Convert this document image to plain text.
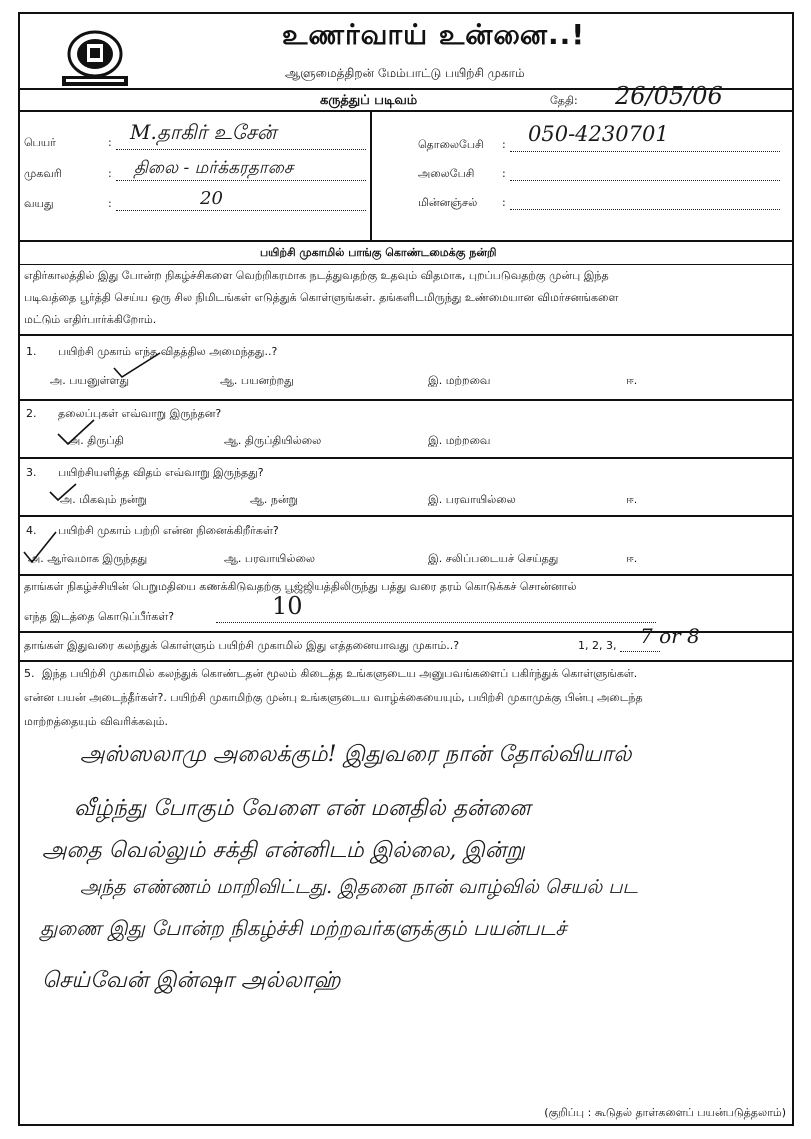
உணர்வாய் உன்னை..!
ஆளுமைத்திறன் மேம்பாட்டு பயிற்சி முகாம்
கருத்துப் படிவம்	தேதி: 26/05/06
பெயர்	: M.தாகிர் உசேன்
முகவரி	: திலை - மர்க்கரதாசை
வயது	:	20
தொலைபேசி : 050-4230701
அலைபேசி	:
மின்னஞ்சல் :
பயிற்சி முகாமில் பாங்கு கொண்டமைக்கு நன்றி
எதிர்காலத்தில் இது போன்ற நிகழ்ச்சிகளை வெற்றிகரமாக நடத்துவதற்கு உதவும் விதமாக, புறப்படுவதற்கு முன்பு இந்த
படிவத்தை பூர்த்தி செய்ய ஒரு சில நிமிடங்கள் எடுத்துக் கொள்ளுங்கள். தங்களிடமிருந்து உண்மையான விமர்சனங்களை
மட்டும் எதிர்பார்க்கிறோம்.
1. பயிற்சி முகாம் எந்த விதத்தில அமைந்தது..?
அ. பயனுள்ளது	ஆ. பயனற்றது	இ. மற்றவை	ஈ.
2. தலைப்புகள் எவ்வாறு இருந்தன?
அ. திருப்தி	ஆ. திருப்தியில்லை	இ. மற்றவை
3. பயிற்சியளித்த விதம் எவ்வாறு இருந்தது?
அ. மிகவும் நன்று	ஆ. நன்று	இ. பரவாயில்லை	ஈ.
4. பயிற்சி முகாம் பற்றி என்ன நினைக்கிறீர்கள்?
அ. ஆர்வமாக இருந்தது	ஆ. பரவாயில்லை	இ. சலிப்படையச் செய்தது	ஈ.
தாங்கள் நிகழ்ச்சியின் பெறுமதியை கணக்கிடுவதற்கு பூஜ்ஜியத்திலிருந்து பத்து வரை தரம் கொடுக்கச் சொன்னால்
எந்த இடத்தை கொடுப்பீர்கள்?	10
தாங்கள் இதுவரை கலந்துக் கொள்ளும் பயிற்சி முகாமில் இது எத்தனையாவது முகாம்..?	1, 2, 3, 7 or 8
5. இந்த பயிற்சி முகாமில் கலந்துக் கொண்டதன் மூலம் கிடைத்த உங்களுடைய அனுபவங்களைப் பகிர்ந்துக் கொள்ளுங்கள்.
என்ன பயன் அடைந்தீர்கள்?. பயிற்சி முகாமிற்கு முன்பு உங்களுடைய வாழ்க்கையையும், பயிற்சி முகாமுக்கு பின்பு அடைந்த
மாற்றத்தையும் விவரிக்கவும்.
அஸ்ஸலாமு அலைக்கும்! இதுவரை நான் தோல்வியால்
வீழ்ந்து போகும் வேளை என் மனதில் தன்னை
அதை வெல்லும் சக்தி என்னிடம் இல்லை, இன்று
அந்த எண்ணம் மாறிவிட்டது. இதனை நான் வாழ்வில் செயல் பட
துணை இது போன்ற நிகழ்ச்சி மற்றவர்களுக்கும் பயன்படச்
செய்வேன் இன்ஷா அல்லாஹ்
(குறிப்பு : கூடுதல் தாள்களைப் பயன்படுத்தலாம்)
